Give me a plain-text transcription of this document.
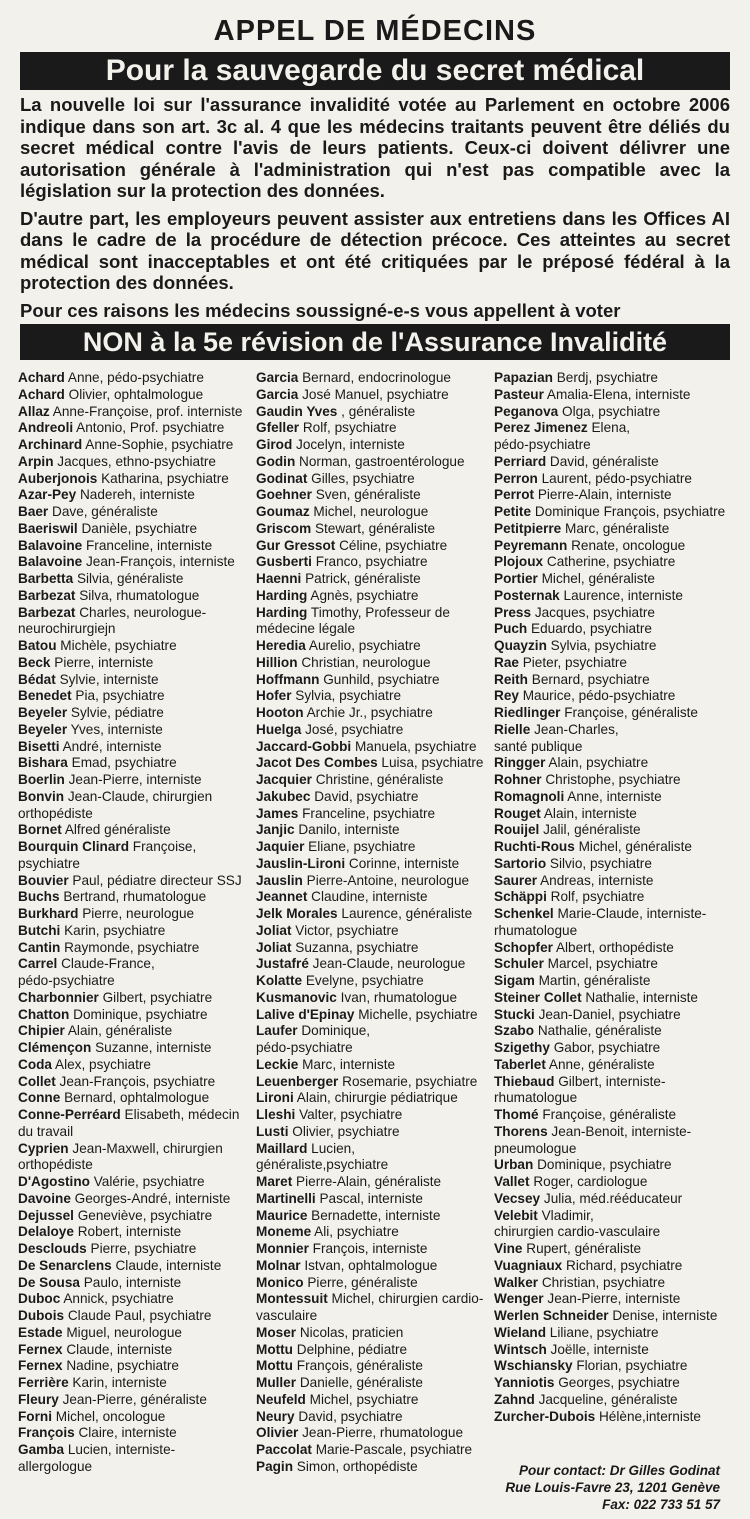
APPEL DE MÉDECINS
Pour la sauvegarde du secret médical

La nouvelle loi sur l'assurance invalidité votée au Parlement en octobre 2006 indique dans son art. 3c al. 4 que les médecins traitants peuvent être déliés du secret médical contre l'avis de leurs patients. Ceux-ci doivent délivrer une autorisation générale à l'administration qui n'est pas compatible avec la législation sur la protection des données.

D'autre part, les employeurs peuvent assister aux entretiens dans les Offices AI dans le cadre de la procédure de détection précoce. Ces atteintes au secret médical sont inacceptables et ont été critiquées par le préposé fédéral à la protection des données.

Pour ces raisons les médecins soussigné-e-s vous appellent à voter

NON à la 5e révision de l'Assurance Invalidité
Achard Anne, pédo-psychiatre
Achard Olivier, ophtalmologue
Allaz Anne-Françoise, prof. interniste
Andreoli Antonio, Prof. psychiatre
Archinard Anne-Sophie, psychiatre
Arpin Jacques, ethno-psychiatre
Auberjonois Katharina, psychiatre
Azar-Pey Nadereh, interniste
Baer Dave, généraliste
Baeriswil Danièle, psychiatre
Balavoine Franceline, interniste
Balavoine Jean-François, interniste
Barbetta Silvia, généraliste
Barbezat Silva, rhumatologue
Barbezat Charles, neurologue-
neurochirurgiejn
Batou Michèle, psychiatre
Beck Pierre, interniste
Bédat Sylvie, interniste
Benedet Pia, psychiatre
Beyeler Sylvie, pédiatre
Beyeler Yves, interniste
Bisetti André, interniste
Bishara Emad, psychiatre
Boerlin Jean-Pierre, interniste
Bonvin Jean-Claude, chirurgien
orthopédiste
Bornet Alfred généraliste
Bourquin Clinard Françoise,
psychiatre
Bouvier Paul, pédiatre directeur SSJ
Buchs Bertrand, rhumatologue
Burkhard Pierre, neurologue
Butchi Karin, psychiatre
Cantin Raymonde, psychiatre
Carrel Claude-France,
pédo-psychiatre
Charbonnier Gilbert, psychiatre
Chatton Dominique, psychiatre
Chipier Alain, généraliste
Clémençon Suzanne, interniste
Coda Alex, psychiatre
Collet Jean-François, psychiatre
Conne Bernard, ophtalmologue
Conne-Perréard Elisabeth, médecin
du travail
Cyprien Jean-Maxwell, chirurgien
orthopédiste
D'Agostino Valérie, psychiatre
Davoine Georges-André, interniste
Dejussel Geneviève, psychiatre
Delaloye Robert, interniste
Desclouds Pierre, psychiatre
De Senarclens Claude, interniste
De Sousa Paulo, interniste
Duboc Annick, psychiatre
Dubois Claude Paul, psychiatre
Estade Miguel, neurologue
Fernex Claude, interniste
Fernex Nadine, psychiatre
Ferrière Karin, interniste
Fleury Jean-Pierre, généraliste
Forni Michel, oncologue
François Claire, interniste
Gamba Lucien, interniste-
allergologue
Garcia Bernard, endocrinologue
Garcia José Manuel, psychiatre
Gaudin Yves , généraliste
Gfeller Rolf, psychiatre
Girod Jocelyn, interniste
Godin Norman, gastroentérologue
Godinat Gilles, psychiatre
Goehner Sven, généraliste
Goumaz Michel, neurologue
Griscom Stewart, généraliste
Gur Gressot Céline, psychiatre
Gusberti Franco, psychiatre
Haenni Patrick, généraliste
Harding Agnès, psychiatre
Harding Timothy, Professeur de
médecine légale
Heredia Aurelio, psychiatre
Hillion Christian, neurologue
Hoffmann Gunhild, psychiatre
Hofer Sylvia, psychiatre
Hooton Archie Jr., psychiatre
Huelga José, psychiatre
Jaccard-Gobbi Manuela, psychiatre
Jacot Des Combes Luisa, psychiatre
Jacquier Christine, généraliste
Jakubec David, psychiatre
James Franceline, psychiatre
Janjic Danilo, interniste
Jaquier Eliane, psychiatre
Jauslin-Lironi Corinne, interniste
Jauslin Pierre-Antoine, neurologue
Jeannet Claudine, interniste
Jelk Morales Laurence, généraliste
Joliat Victor, psychiatre
Joliat Suzanna, psychiatre
Justafré Jean-Claude, neurologue
Kolatte Evelyne, psychiatre
Kusmanovic Ivan, rhumatologue
Lalive d'Epinay Michelle, psychiatre
Laufer Dominique,
pédo-psychiatre
Leckie Marc, interniste
Leuenberger Rosemarie, psychiatre
Lironi Alain, chirurgie pédiatrique
Lleshi Valter, psychiatre
Lusti Olivier, psychiatre
Maillard Lucien,
généraliste,psychiatre
Maret Pierre-Alain, généraliste
Martinelli Pascal, interniste
Maurice Bernadette, interniste
Moneme Ali, psychiatre
Monnier François, interniste
Molnar Istvan, ophtalmologue
Monico Pierre, généraliste
Montessuit Michel, chirurgien cardio-
vasculaire
Moser Nicolas, praticien
Mottu Delphine, pédiatre
Mottu François, généraliste
Muller Danielle, généraliste
Neufeld Michel, psychiatre
Neury David, psychiatre
Olivier Jean-Pierre, rhumatologue
Paccolat Marie-Pascale, psychiatre
Pagin Simon, orthopédiste
Papazian Berdj, psychiatre
Pasteur Amalia-Elena, interniste
Peganova Olga, psychiatre
Perez Jimenez Elena,
pédo-psychiatre
Perriard David, généraliste
Perron Laurent, pédo-psychiatre
Perrot Pierre-Alain, interniste
Petite Dominique François, psychiatre
Petitpierre Marc, généraliste
Peyremann Renate, oncologue
Plojoux Catherine, psychiatre
Portier Michel, généraliste
Posternak Laurence, interniste
Press Jacques, psychiatre
Puch Eduardo, psychiatre
Quayzin Sylvia, psychiatre
Rae Pieter, psychiatre
Reith Bernard, psychiatre
Rey Maurice, pédo-psychiatre
Riedlinger Françoise, généraliste
Rielle Jean-Charles,
santé publique
Ringger Alain, psychiatre
Rohner Christophe, psychiatre
Romagnoli Anne, interniste
Rouget Alain, interniste
Rouijel Jalil, généraliste
Ruchti-Rous Michel, généraliste
Sartorio Silvio, psychiatre
Saurer Andreas, interniste
Schäppi Rolf, psychiatre
Schenkel Marie-Claude, interniste-
rhumatologue
Schopfer Albert, orthopédiste
Schuler Marcel, psychiatre
Sigam Martin, généraliste
Steiner Collet Nathalie, interniste
Stucki Jean-Daniel, psychiatre
Szabo Nathalie, généraliste
Szigethy Gabor, psychiatre
Taberlet Anne, généraliste
Thiebaud Gilbert, interniste-
rhumatologue
Thomé Françoise, généraliste
Thorens Jean-Benoit, interniste-
pneumologue
Urban Dominique, psychiatre
Vallet Roger, cardiologue
Vecsey Julia, méd.rééducateur
Velebit Vladimir,
chirurgien cardio-vasculaire
Vine Rupert, généraliste
Vuagniaux Richard, psychiatre
Walker Christian, psychiatre
Wenger Jean-Pierre, interniste
Werlen Schneider Denise, interniste
Wieland Liliane, psychiatre
Wintsch Joëlle, interniste
Wschiansky Florian, psychiatre
Yanniotis Georges, psychiatre
Zahnd Jacqueline, généraliste
Zurcher-Dubois Hélène,interniste
Pour contact: Dr Gilles Godinat
Rue Louis-Favre 23, 1201 Genève
Fax: 022 733 51 57
